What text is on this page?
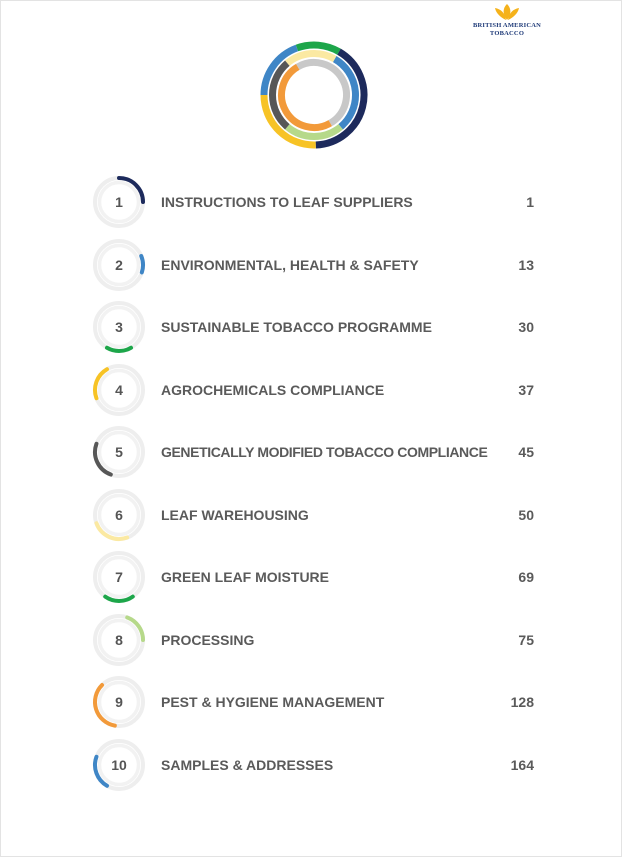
BRITISH AMERICAN
TOBACCO
1	INSTRUCTIONS TO LEAF SUPPLIERS	1
2	ENVIRONMENTAL, HEALTH & SAFETY	13
3	SUSTAINABLE TOBACCO PROGRAMME	30
4	AGROCHEMICALS COMPLIANCE	37
5	GENETICALLY MODIFIED TOBACCO COMPLIANCE 45
6	LEAF WAREHOUSING	50
7	GREEN LEAF MOISTURE	69
8	PROCESSING	75
9	PEST & HYGIENE MANAGEMENT	128
10	SAMPLES & ADDRESSES	164
